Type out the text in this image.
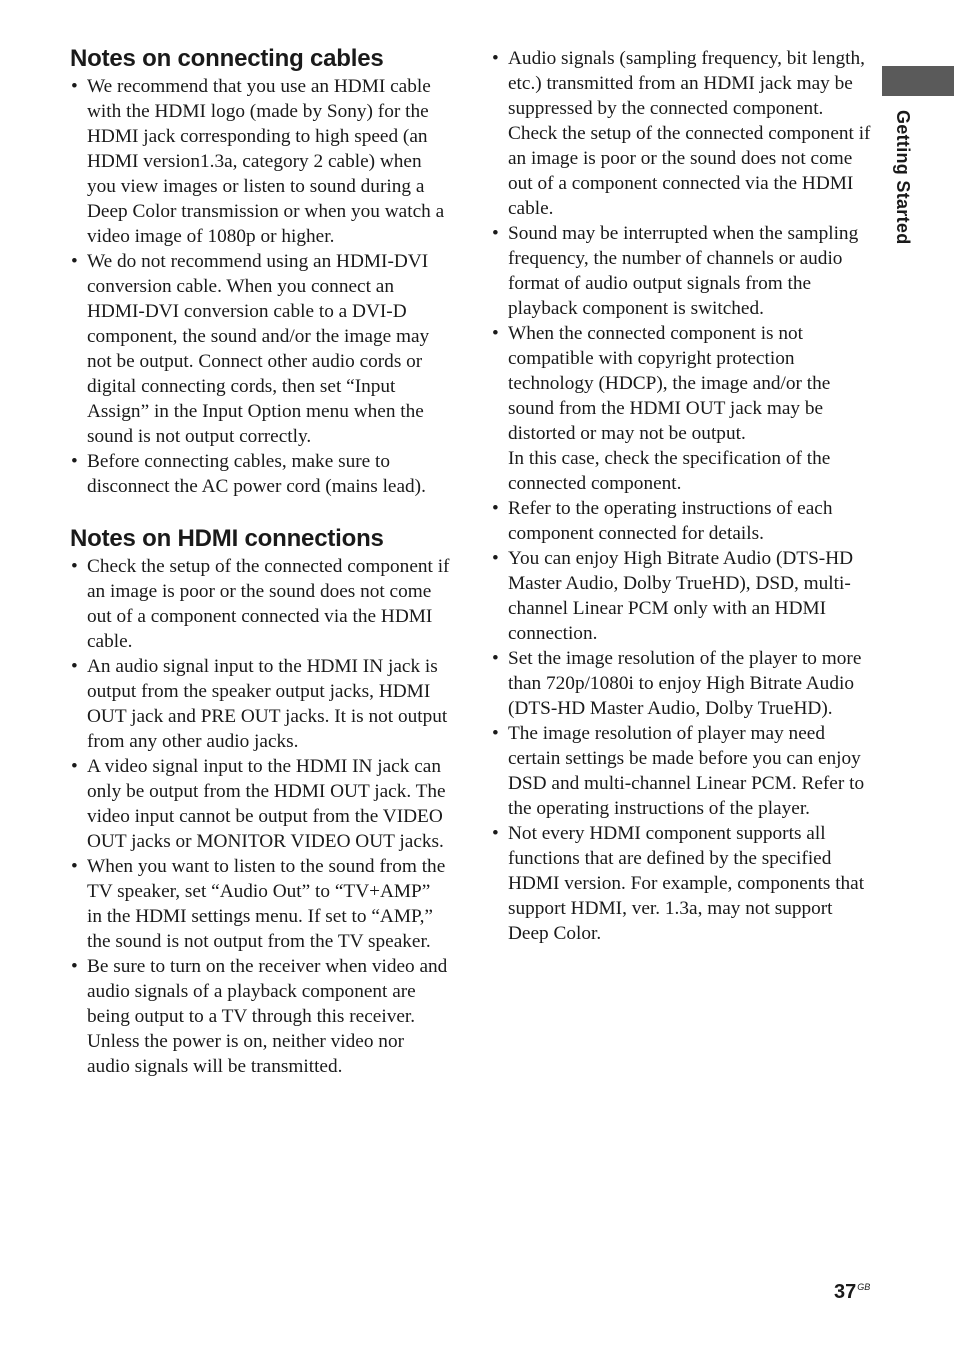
Getting Started
Notes on connecting cables
• We recommend that you use an HDMI cable with the HDMI logo (made by Sony) for the HDMI jack corresponding to high speed (an HDMI version1.3a, category 2 cable) when you view images or listen to sound during a Deep Color transmission or when you watch a video image of 1080p or higher.
• We do not recommend using an HDMI-DVI conversion cable. When you connect an HDMI-DVI conversion cable to a DVI-D component, the sound and/or the image may not be output. Connect other audio cords or digital connecting cords, then set “Input Assign” in the Input Option menu when the sound is not output correctly.
• Before connecting cables, make sure to disconnect the AC power cord (mains lead).
Notes on HDMI connections
• Check the setup of the connected component if an image is poor or the sound does not come out of a component connected via the HDMI cable.
• An audio signal input to the HDMI IN jack is output from the speaker output jacks, HDMI OUT jack and PRE OUT jacks. It is not output from any other audio jacks.
• A video signal input to the HDMI IN jack can only be output from the HDMI OUT jack. The video input cannot be output from the VIDEO OUT jacks or MONITOR VIDEO OUT jacks.
• When you want to listen to the sound from the TV speaker, set “Audio Out” to “TV+AMP” in the HDMI settings menu. If set to “AMP,” the sound is not output from the TV speaker.
• Be sure to turn on the receiver when video and audio signals of a playback component are being output to a TV through this receiver. Unless the power is on, neither video nor audio signals will be transmitted.
• Audio signals (sampling frequency, bit length, etc.) transmitted from an HDMI jack may be suppressed by the connected component. Check the setup of the connected component if an image is poor or the sound does not come out of a component connected via the HDMI cable.
• Sound may be interrupted when the sampling frequency, the number of channels or audio format of audio output signals from the playback component is switched.
• When the connected component is not compatible with copyright protection technology (HDCP), the image and/or the sound from the HDMI OUT jack may be distorted or may not be output.
In this case, check the specification of the connected component.
• Refer to the operating instructions of each component connected for details.
• You can enjoy High Bitrate Audio (DTS-HD Master Audio, Dolby TrueHD), DSD, multi-channel Linear PCM only with an HDMI connection.
• Set the image resolution of the player to more than 720p/1080i to enjoy High Bitrate Audio (DTS-HD Master Audio, Dolby TrueHD).
• The image resolution of player may need certain settings be made before you can enjoy DSD and multi-channel Linear PCM. Refer to the operating instructions of the player.
• Not every HDMI component supports all functions that are defined by the specified HDMI version. For example, components that support HDMI, ver. 1.3a, may not support Deep Color.
$37^{GB}$
